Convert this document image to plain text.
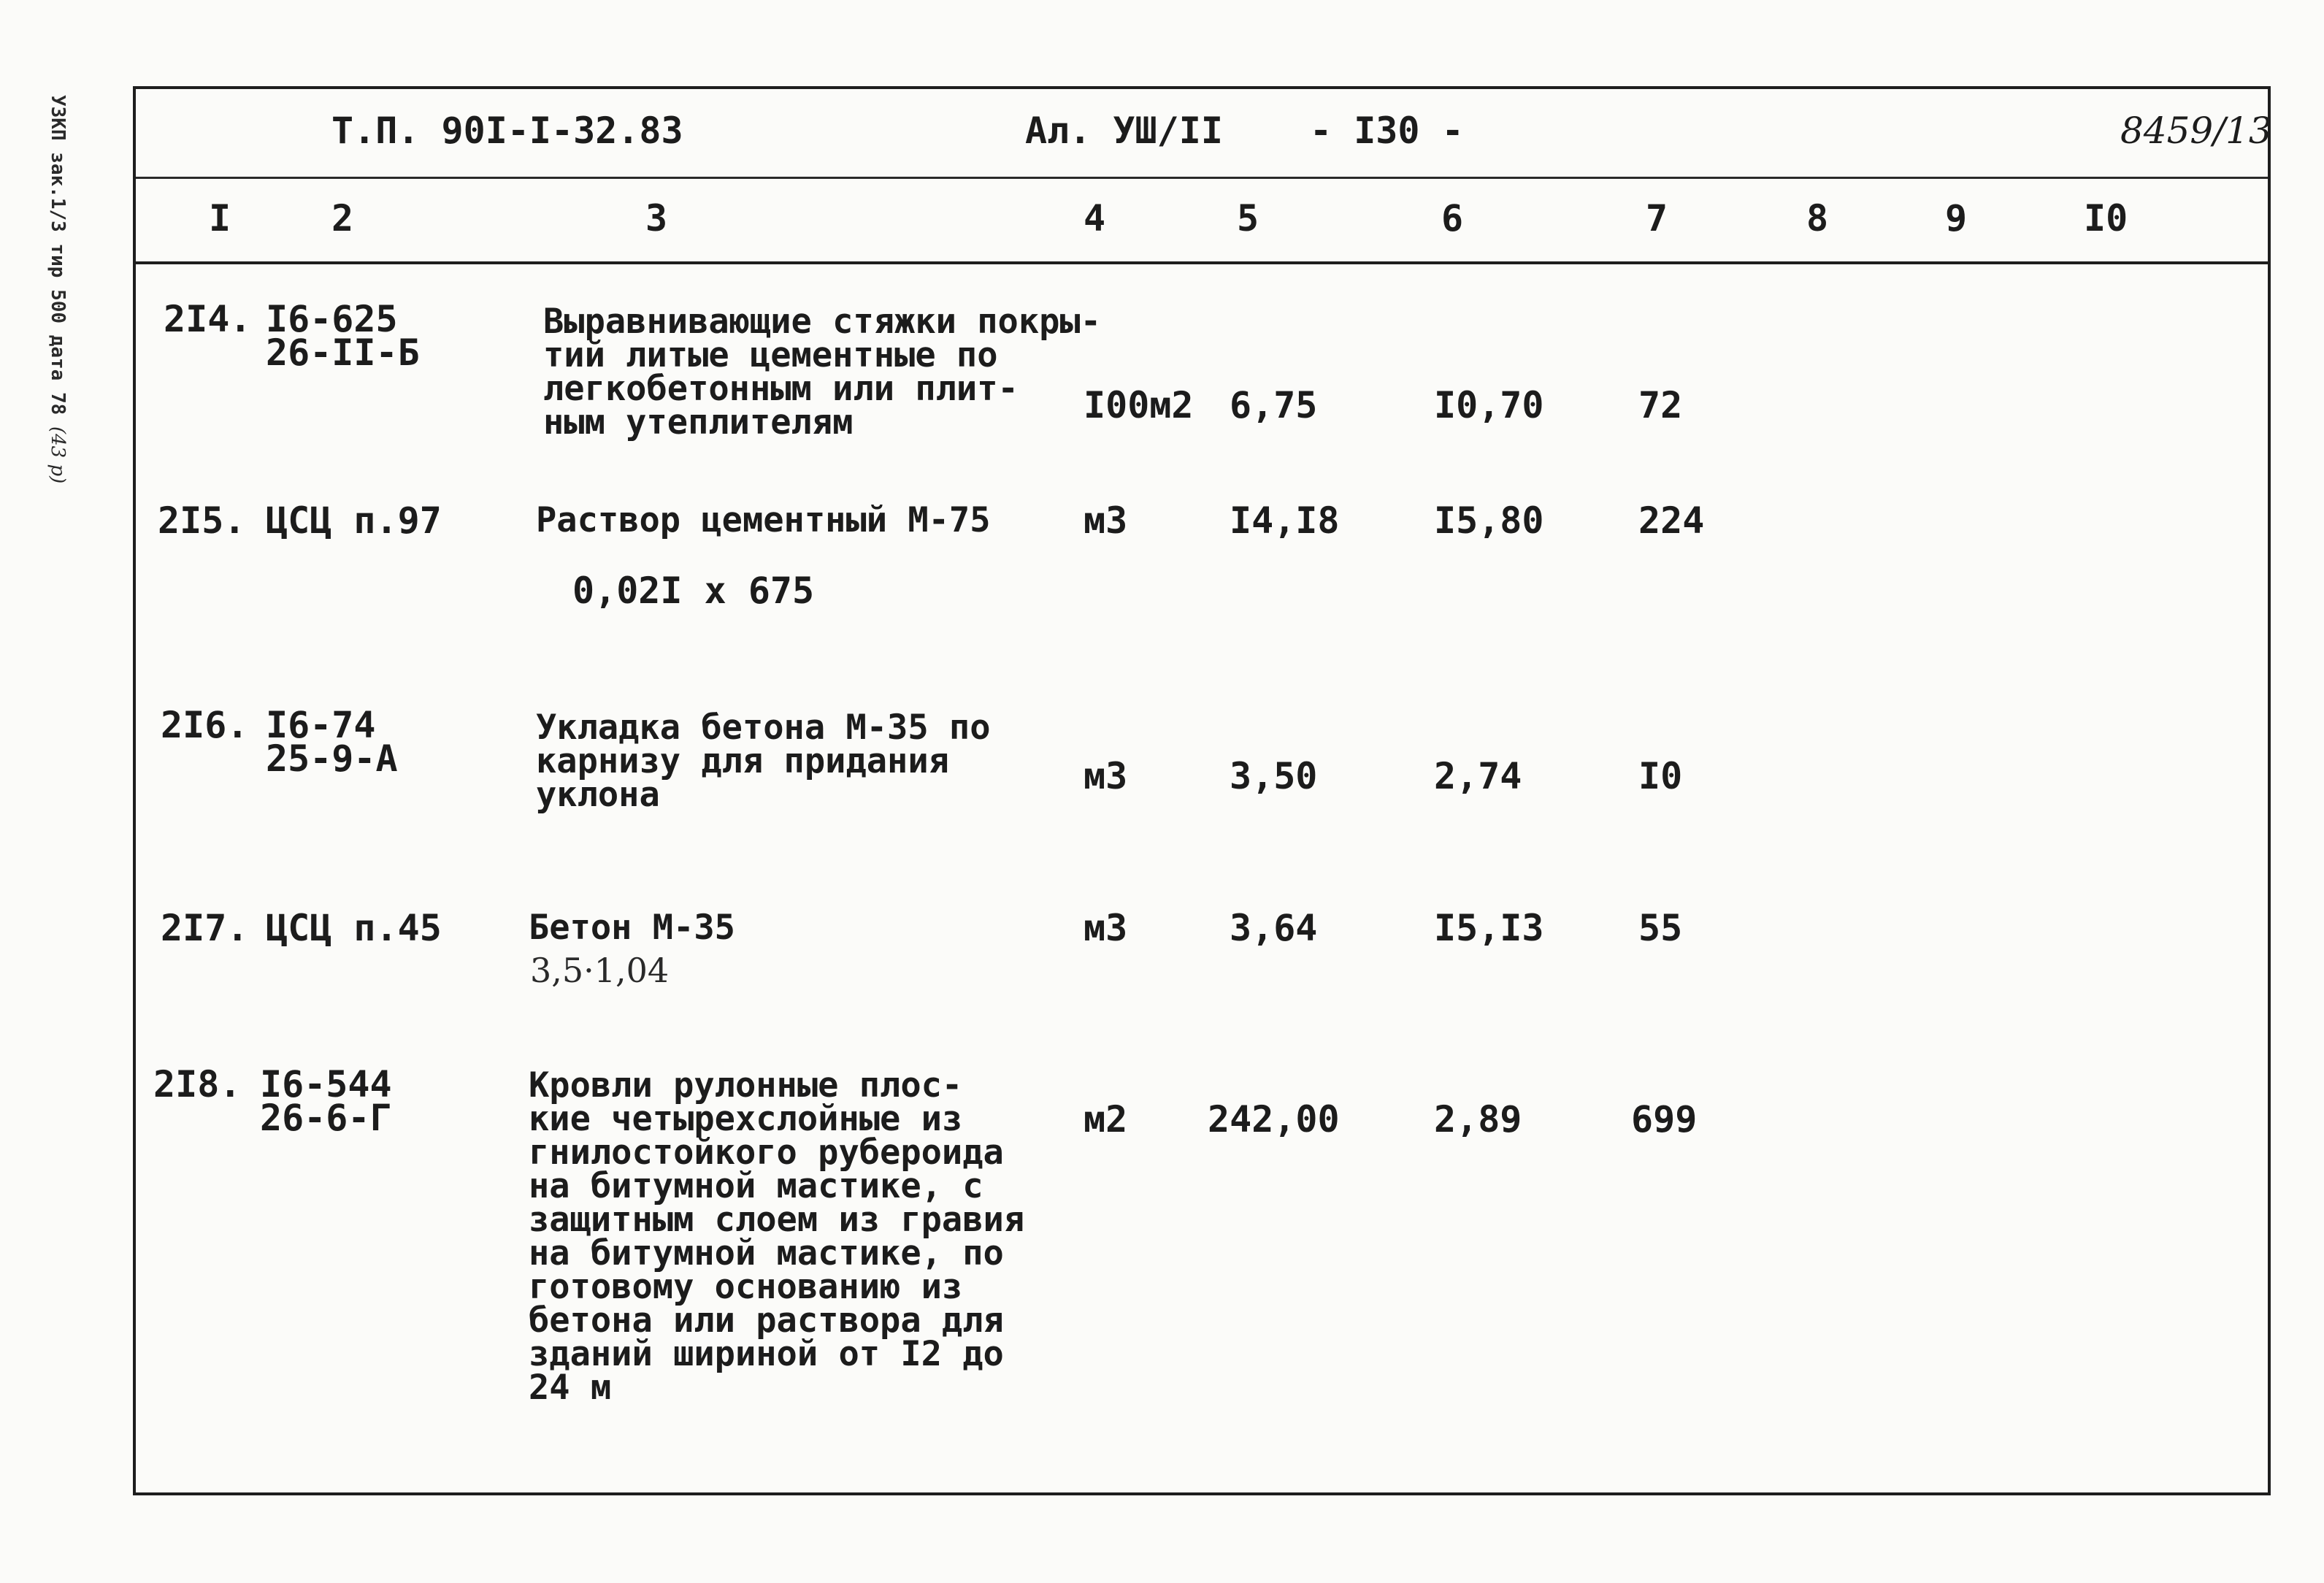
УЗКП зак.1/3 тир 500 дата 78 (43 р)
Т.П. 90I-I-32.83	Ал. УШ/II - I30 -	8459/13
I	2	3	4	5	6	7	8	9	I0
2I4. I6-625
26-II-Б
Выравнивающие стяжки покры-
тий литые цементные по
легкобетонным или плит-
ным утеплителям	I00м2 6,75	I0,70	72
2I5. ЦСЦ п.97	Раствор цементный М-75
0,02I x 675
м3	I4,I8	I5,80	224
2I6. I6-74
25-9-А
Укладка бетона М-35 по
карнизу для придания
уклона	м3	3,50	2,74	I0
2I7. ЦСЦ п.45	Бетон М-35
3,5·1,04
м3	3,64	I5,I3	55
2I8. I6-544
26-6-Г
Кровли рулонные плос-
кие четырехслойные из
гнилостойкого рубероида
на битумной мастике, с
защитным слоем из гравия
на битумной мастике, по
готовому основанию из
бетона или раствора для
зданий шириной от I2 до
24 м
м2 242,00	2,89	699
